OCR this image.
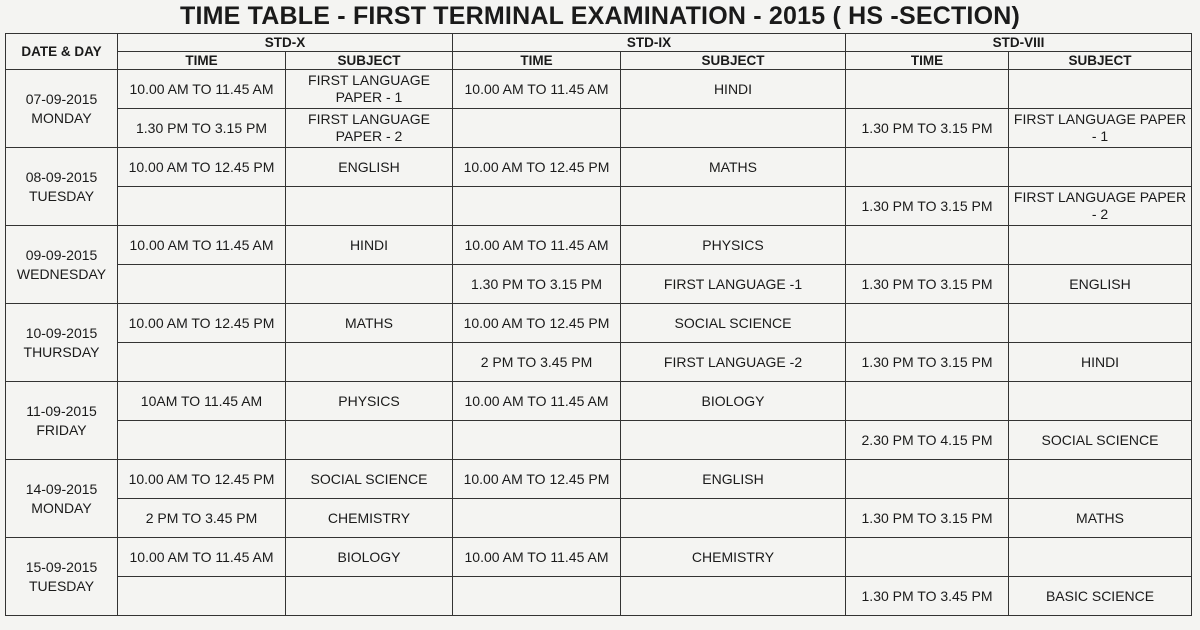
TIME TABLE - FIRST TERMINAL EXAMINATION - 2015 ( HS -SECTION)
DATE & DAY	STD-X		STD-IX		STD-VIII	
	TIME	SUBJECT	TIME	SUBJECT	TIME	SUBJECT

07-09-2015
MONDAY	10.00 AM TO 11.45 AM	FIRST LANGUAGE PAPER - 1	10.00 AM TO 11.45 AM	HINDI		
	1.30 PM TO 3.15 PM	FIRST LANGUAGE PAPER - 2			1.30 PM TO 3.15 PM	FIRST LANGUAGE PAPER - 1

08-09-2015
TUESDAY	10.00 AM TO 12.45 PM	ENGLISH	10.00 AM TO 12.45 PM	MATHS		
					1.30 PM TO 3.15 PM	FIRST LANGUAGE PAPER - 2

09-09-2015
WEDNESDAY	10.00 AM TO 11.45 AM	HINDI	10.00 AM TO 11.45 AM	PHYSICS		
			1.30 PM TO 3.15 PM	FIRST LANGUAGE -1	1.30 PM TO 3.15 PM	ENGLISH

10-09-2015
THURSDAY	10.00 AM TO 12.45 PM	MATHS	10.00 AM TO 12.45 PM	SOCIAL SCIENCE		
			2 PM TO 3.45 PM	FIRST LANGUAGE -2	1.30 PM TO 3.15 PM	HINDI

11-09-2015
FRIDAY	10AM TO 11.45 AM	PHYSICS	10.00 AM TO 11.45 AM	BIOLOGY		
					2.30 PM TO 4.15 PM	SOCIAL SCIENCE

14-09-2015
MONDAY	10.00 AM TO 12.45 PM	SOCIAL SCIENCE	10.00 AM TO 12.45 PM	ENGLISH		
	2 PM TO 3.45 PM	CHEMISTRY			1.30 PM TO 3.15 PM	MATHS

15-09-2015
TUESDAY	10.00 AM TO 11.45 AM	BIOLOGY	10.00 AM TO 11.45 AM	CHEMISTRY		
					1.30 PM TO 3.45 PM	BASIC SCIENCE
